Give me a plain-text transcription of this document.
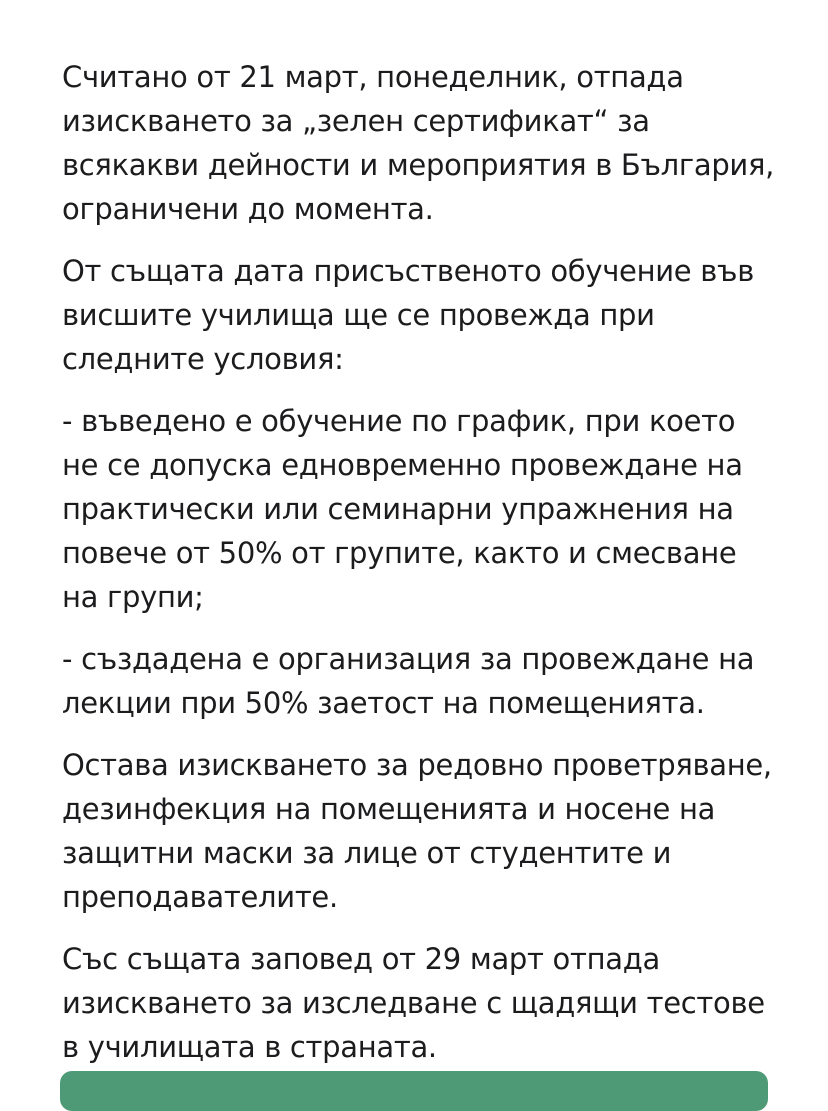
Считано от 21 март, понеделник, отпада изискването за „зелен сертификат“ за всякакви дейности и мероприятия в България, ограничени до момента.

От същата дата присъственото обучение във висшите училища ще се провежда при следните условия:

- въведено е обучение по график, при което не се допуска едновременно провеждане на практически или семинарни упражнения на повече от 50% от групите, както и смесване на групи;

- създадена е организация за провеждане на лекции при 50% заетост на помещенията.

Остава изискването за редовно проветряване, дезинфекция на помещенията и носене на защитни маски за лице от студентите и преподавателите.

Със същата заповед от 29 март отпада изискването за изследване с щадящи тестове в училищата в страната.
